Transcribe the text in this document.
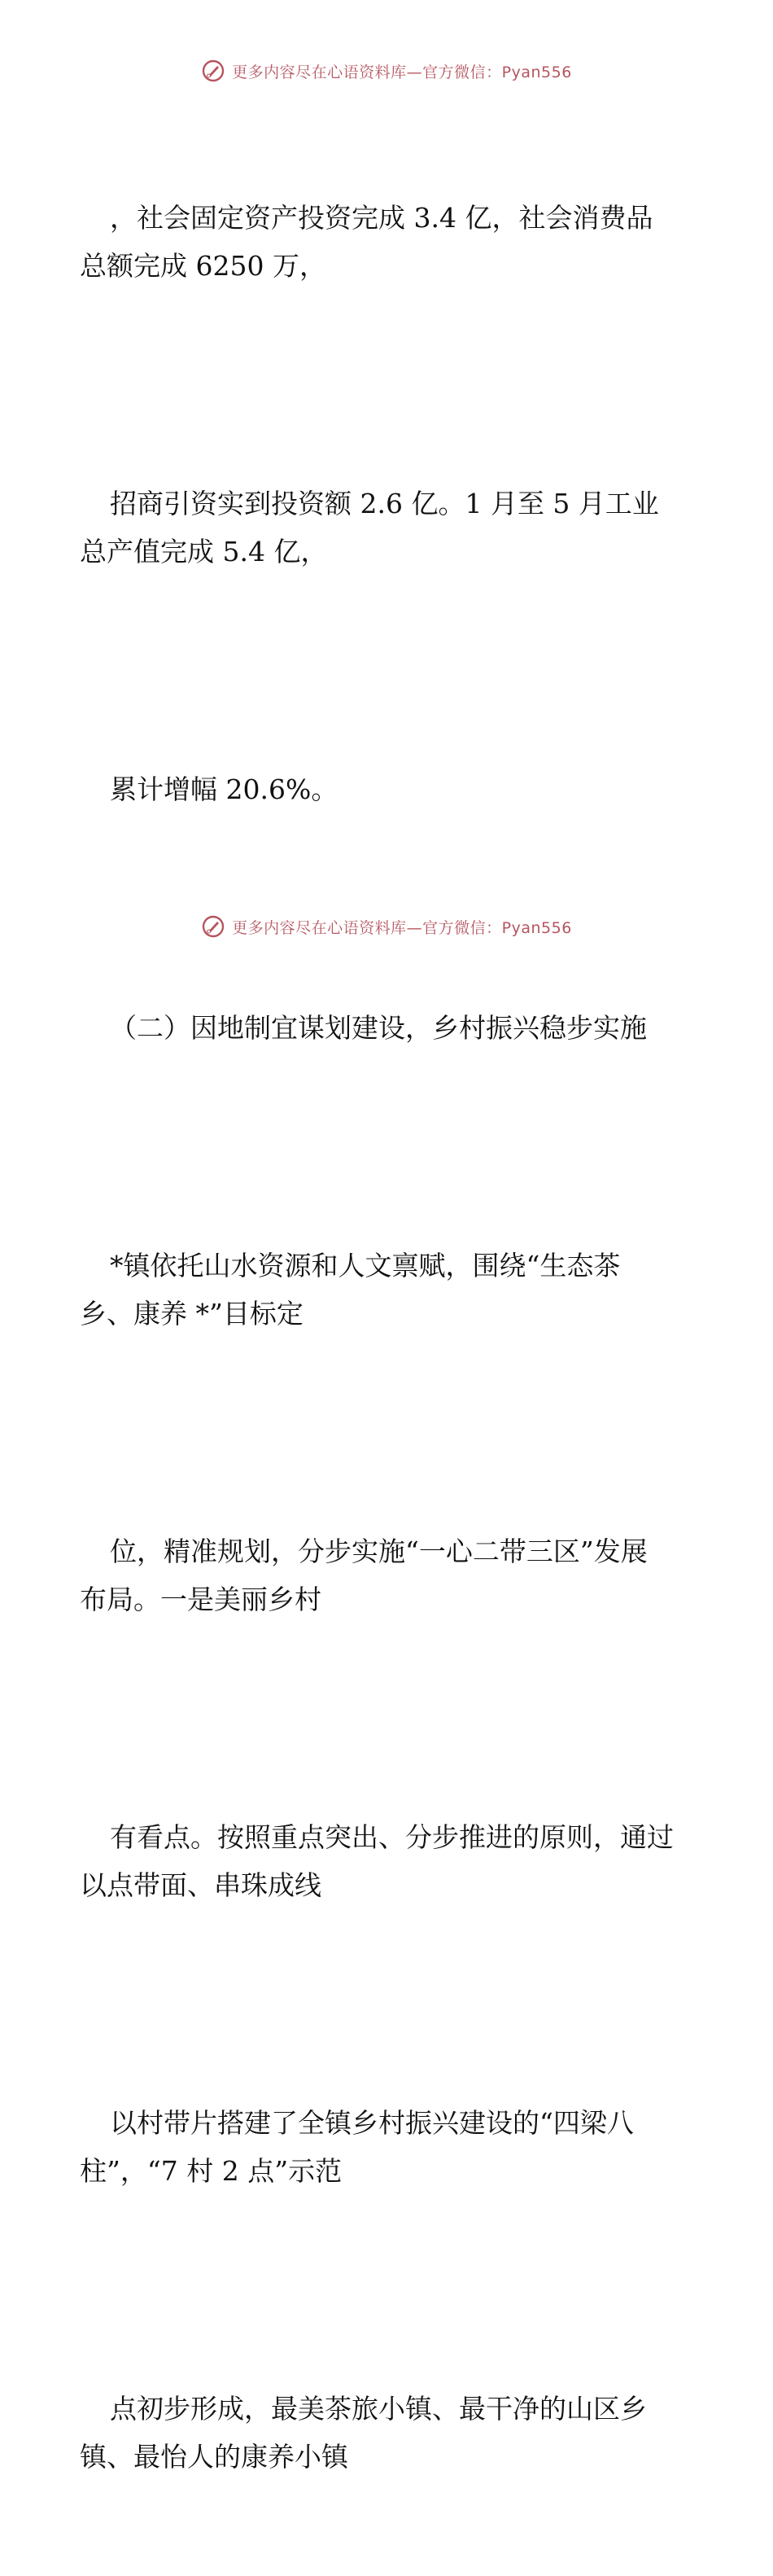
更多内容尽在心语资料库—官方微信：Pyan556

，社会固定资产投资完成 3.4 亿，社会消费品
总额完成 6250 万，

招商引资实到投资额 2.6 亿。1 月至 5 月工业
总产值完成 5.4 亿，

累计增幅 20.6%。

（二）因地制宜谋划建设，乡村振兴稳步实施

*镇依托山水资源和人文禀赋，围绕“生态茶
乡、康养 *”目标定

位，精准规划，分步实施“一心二带三区”发展
布局。一是美丽乡村

有看点。按照重点突出、分步推进的原则，通过
以点带面、串珠成线

以村带片搭建了全镇乡村振兴建设的“四梁八
柱”，“7 村 2 点”示范

点初步形成，最美茶旅小镇、最干净的山区乡
镇、最怡人的康养小镇

更多内容尽在心语资料库—官方微信：Pyan556
